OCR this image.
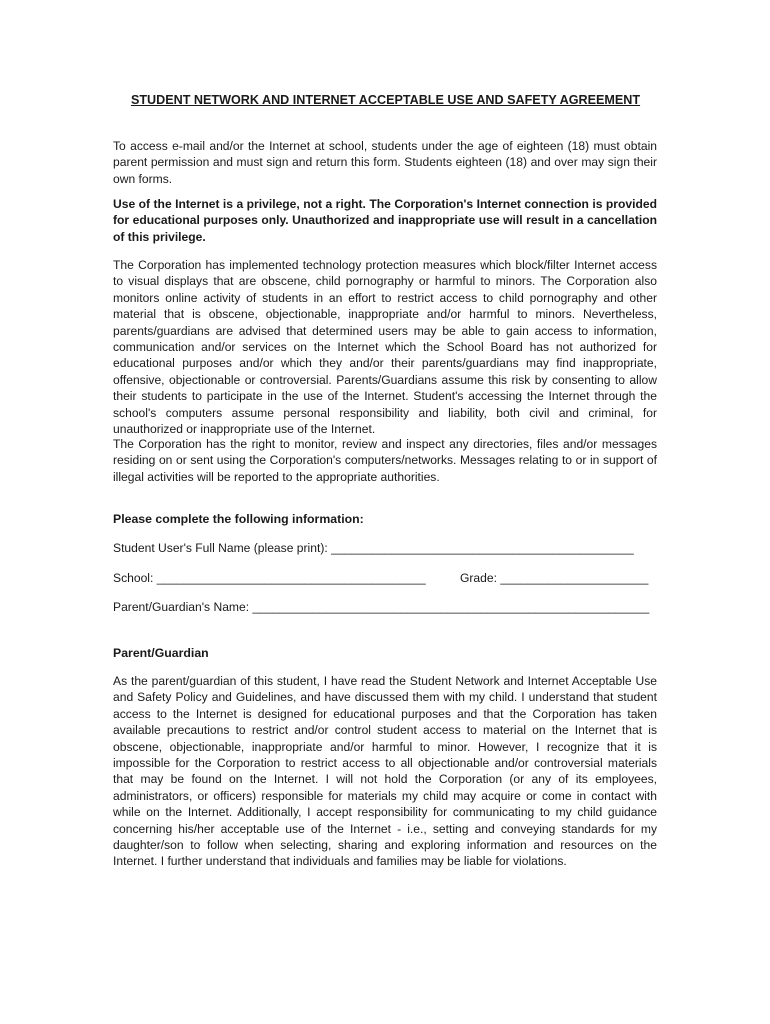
STUDENT NETWORK AND INTERNET ACCEPTABLE USE AND SAFETY AGREEMENT

To access e-mail and/or the Internet at school, students under the age of eighteen (18) must obtain parent permission and must sign and return this form. Students eighteen (18) and over may sign their own forms.

Use of the Internet is a privilege, not a right. The Corporation's Internet connection is provided for educational purposes only. Unauthorized and inappropriate use will result in a cancellation of this privilege.

The Corporation has implemented technology protection measures which block/filter Internet access to visual displays that are obscene, child pornography or harmful to minors. The Corporation also monitors online activity of students in an effort to restrict access to child pornography and other material that is obscene, objectionable, inappropriate and/or harmful to minors. Nevertheless, parents/guardians are advised that determined users may be able to gain access to information, communication and/or services on the Internet which the School Board has not authorized for educational purposes and/or which they and/or their parents/guardians may find inappropriate, offensive, objectionable or controversial. Parents/Guardians assume this risk by consenting to allow their students to participate in the use of the Internet. Student's accessing the Internet through the school's computers assume personal responsibility and liability, both civil and criminal, for unauthorized or inappropriate use of the Internet.

The Corporation has the right to monitor, review and inspect any directories, files and/or messages residing on or sent using the Corporation's computers/networks. Messages relating to or in support of illegal activities will be reported to the appropriate authorities.

Please complete the following information:
Student User's Full Name (please print): _____________________________________________
School: ________________________________________	Grade: ______________________
Parent/Guardian's Name: ___________________________________________________________
Parent/Guardian

As the parent/guardian of this student, I have read the Student Network and Internet Acceptable Use and Safety Policy and Guidelines, and have discussed them with my child. I understand that student access to the Internet is designed for educational purposes and that the Corporation has taken available precautions to restrict and/or control student access to material on the Internet that is obscene, objectionable, inappropriate and/or harmful to minor. However, I recognize that it is impossible for the Corporation to restrict access to all objectionable and/or controversial materials that may be found on the Internet. I will not hold the Corporation (or any of its employees, administrators, or officers) responsible for materials my child may acquire or come in contact with while on the Internet. Additionally, I accept responsibility for communicating to my child guidance concerning his/her acceptable use of the Internet - i.e., setting and conveying standards for my daughter/son to follow when selecting, sharing and exploring information and resources on the Internet. I further understand that individuals and families may be liable for violations.
